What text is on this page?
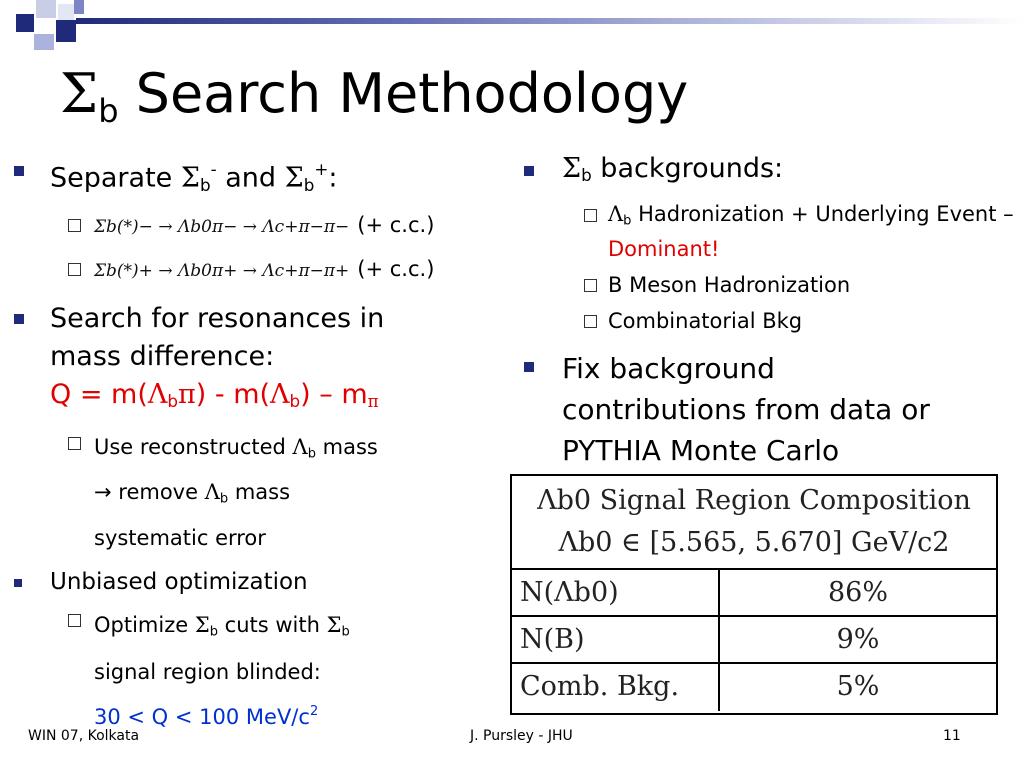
$\Sigma_b$ Search Methodology
Separate $\Sigma_b^-$ and $\Sigma_b^+$:
Σb(*)− → Λb0π− → Λc+π−π− (+ c.c.)
Σb(*)+ → Λb0π+ → Λc+π−π+ (+ c.c.)
Search for resonances in
mass difference:
$Q = m(\Lambda_b\pi) - m(\Lambda_b) - m_\pi$
Use reconstructed $\Lambda_b$ mass
→ remove $\Lambda_b$ mass
systematic error
Unbiased optimization
Optimize $\Sigma_b$ cuts with $\Sigma_b$
signal region blinded:
30 < Q < 100 MeV/$c^2$
$\Sigma_b$ backgrounds:
$\Lambda_b$ Hadronization + Underlying Event – Dominant!
B Meson Hadronization
Combinatorial Bkg
Fix background
contributions from data or
PYTHIA Monte Carlo
Λb0 Signal Region Composition
Λb0 ∈ [5.565, 5.670] GeV/c2
N(Λb0)	86%
N(B)	9%
Comb. Bkg.	5%
WIN 07, Kolkata	J. Pursley - JHU	11
